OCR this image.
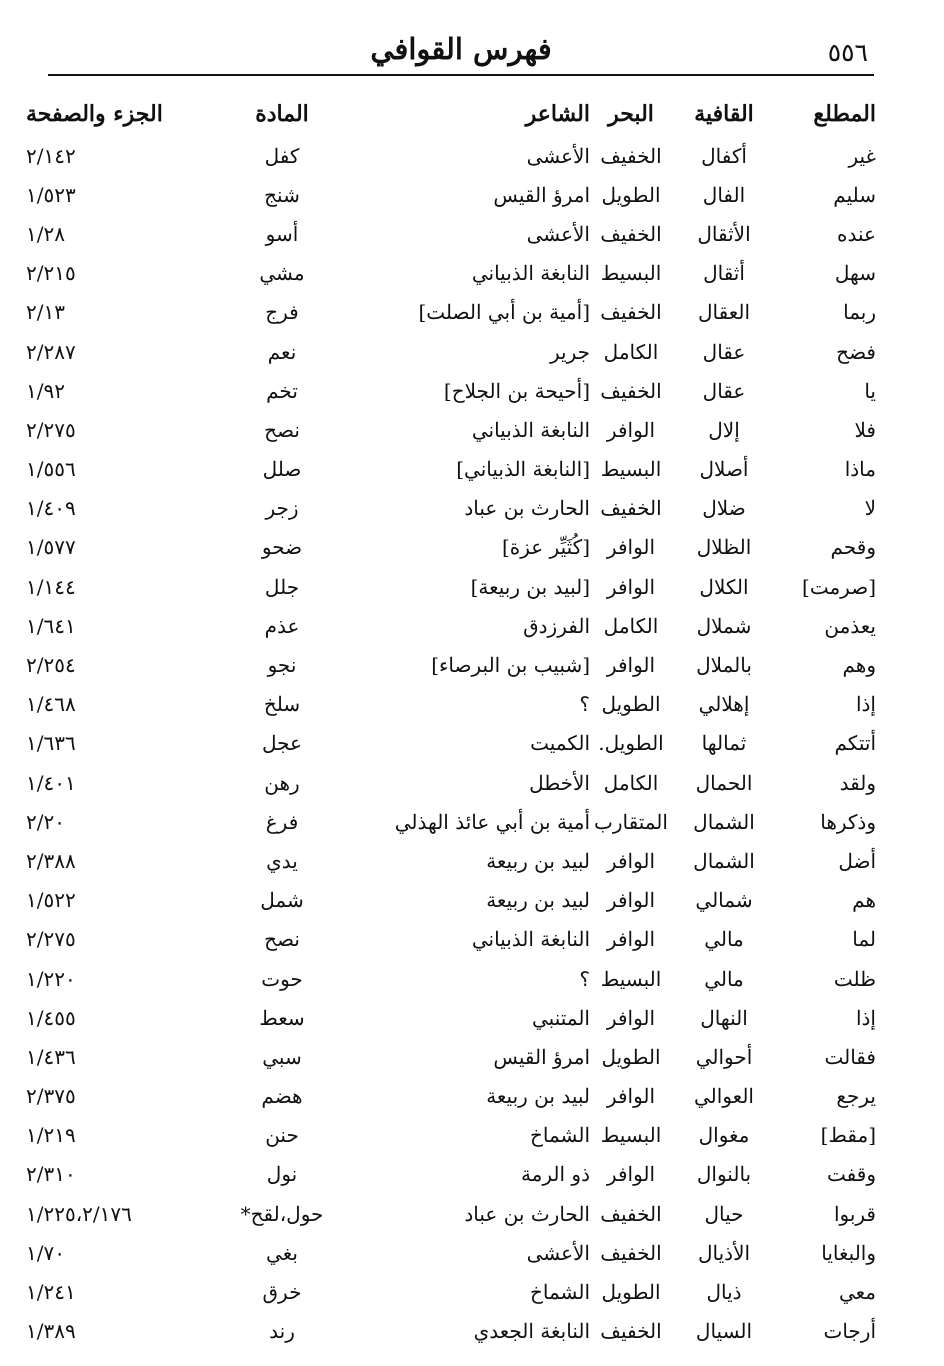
فهرس القوافي	٥٥٦
المطلع	القافية	البحر	الشاعر	المادة	الجزء والصفحة
غير	أكفال	الخفيف	الأعشى	كفل	٢/١٤٢
سليم	الفال	الطويل	امرؤ القيس	شنج	١/٥٢٣
عنده	الأثقال	الخفيف	الأعشى	أسو	١/٢٨
سهل	أثقال	البسيط	النابغة الذبياني	مشي	٢/٢١٥
ربما	العقال	الخفيف	[أمية بن أبي الصلت]	فرج	٢/١٣
فضح	عقال	الكامل	جرير	نعم	٢/٢٨٧
يا	عقال	الخفيف	[أحيحة بن الجلاح]	تخم	١/٩٢
فلا	إلال	الوافر	النابغة الذبياني	نصح	٢/٢٧٥
ماذا	أصلال	البسيط	[النابغة الذبياني]	صلل	١/٥٥٦
لا	ضلال	الخفيف	الحارث بن عباد	زجر	١/٤٠٩
وقحم	الظلال	الوافر	[كُثَيِّر عزة]	ضحو	١/٥٧٧
[صرمت]	الكلال	الوافر	[لبيد بن ربيعة]	جلل	١/١٤٤
يعذمن	شملال	الكامل	الفرزدق	عذم	١/٦٤١
وهم	بالملال	الوافر	[شبيب بن البرصاء]	نجو	٢/٢٥٤
إذا	إهلالي	الطويل	؟	سلخ	١/٤٦٨
أتتكم	ثمالها	الطويل.	الكميت	عجل	١/٦٣٦
ولقد	الحمال	الكامل	الأخطل	رهن	١/٤٠١
وذكرها	الشمال	المتقارب	أمية بن أبي عائذ الهذلي	فرغ	٢/٢٠
أضل	الشمال	الوافر	لبيد بن ربيعة	يدي	٢/٣٨٨
هم	شمالي	الوافر	لبيد بن ربيعة	شمل	١/٥٢٢
لما	مالي	الوافر	النابغة الذبياني	نصح	٢/٢٧٥
ظلت	مالي	البسيط	؟	حوت	١/٢٢٠
إذا	النهال	الوافر	المتنبي	سعط	١/٤٥٥
فقالت	أحوالي	الطويل	امرؤ القيس	سبي	١/٤٣٦
يرجع	العوالي	الوافر	لبيد بن ربيعة	هضم	٢/٣٧٥
[مقط]	مغوال	البسيط	الشماخ	حنن	١/٢١٩
وقفت	بالنوال	الوافر	ذو الرمة	نول	٢/٣١٠
قربوا	حيال	الخفيف	الحارث بن عباد	حول،لقح*	١/٢٢٥،٢/١٧٦
والبغايا	الأذيال	الخفيف	الأعشى	بغي	١/٧٠
معي	ذيال	الطويل	الشماخ	خرق	١/٢٤١
أرجات	السيال	الخفيف	النابغة الجعدي	رند	١/٣٨٩
